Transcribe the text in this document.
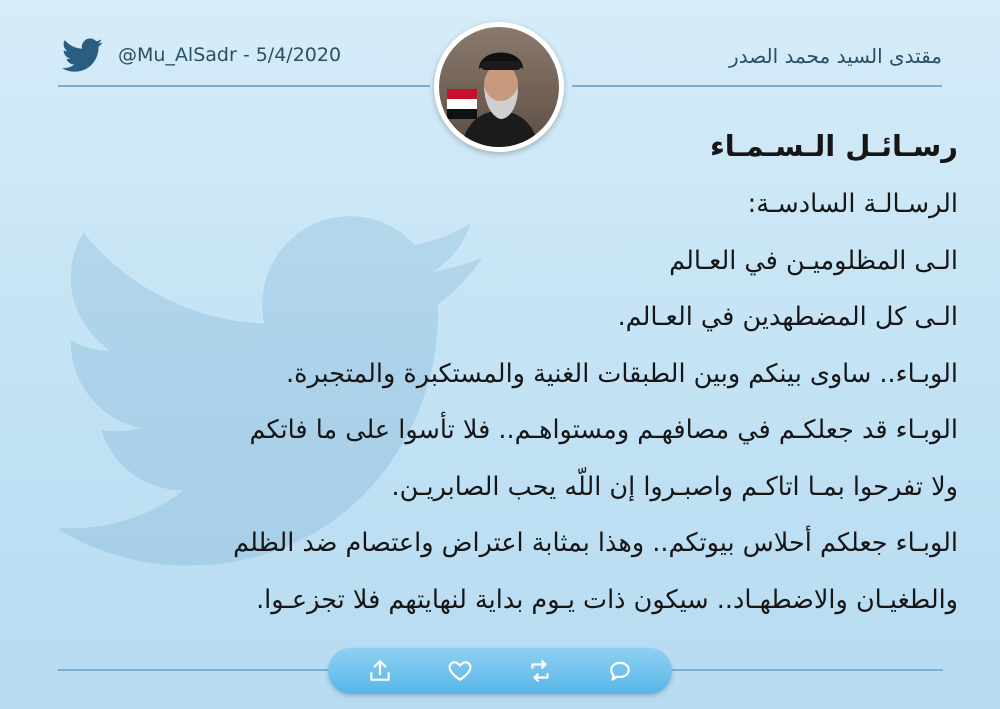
@Mu_AlSadr - 5/4/2020	مقتدى السيد محمد الصدر
رسـائـل الـسـمـاء
الرسـالـة السادسـة:
الـى المظلوميـن في العـالم
الـى كل المضطهدين في العـالم.
الوبـاء.. ساوى بينكم وبين الطبقات الغنية والمستكبرة والمتجبرة.
الوبـاء قد جعلكـم في مصافهـم ومستواهـم.. فلا تأسوا على ما فاتكم
ولا تفرحوا بمـا اتاكـم واصبـروا إن اللّه يحب الصابريـن.
الوبـاء جعلكم أحلاس بيوتكم.. وهذا بمثابة اعتراض واعتصام ضد الظلم
والطغيـان والاضطهـاد.. سيكون ذات يـوم بداية لنهايتهم فلا تجزعـوا.
